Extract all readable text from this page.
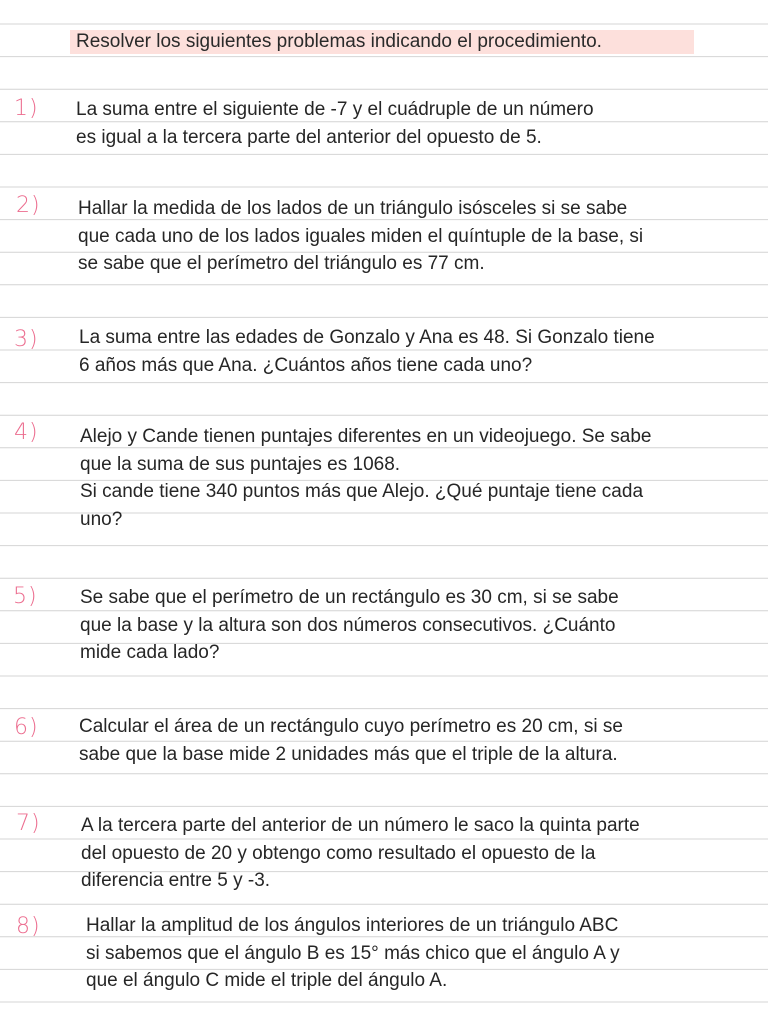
Resolver los siguientes problemas indicando el procedimiento.
1) La suma entre el siguiente de -7 y el cuádruple de un número
es igual a la tercera parte del anterior del opuesto de 5.
2) Hallar la medida de los lados de un triángulo isósceles si se sabe
que cada uno de los lados iguales miden el quíntuple de la base, si
se sabe que el perímetro del triángulo es 77 cm.
3) La suma entre las edades de Gonzalo y Ana es 48. Si Gonzalo tiene
6 años más que Ana. ¿Cuántos años tiene cada uno?
4) Alejo y Cande tienen puntajes diferentes en un videojuego. Se sabe
que la suma de sus puntajes es 1068.
Si cande tiene 340 puntos más que Alejo. ¿Qué puntaje tiene cada
uno?
5) Se sabe que el perímetro de un rectángulo es 30 cm, si se sabe
que la base y la altura son dos números consecutivos. ¿Cuánto
mide cada lado?
6) Calcular el área de un rectángulo cuyo perímetro es 20 cm, si se
sabe que la base mide 2 unidades más que el triple de la altura.
7) A la tercera parte del anterior de un número le saco la quinta parte
del opuesto de 20 y obtengo como resultado el opuesto de la
diferencia entre 5 y -3.
8) Hallar la amplitud de los ángulos interiores de un triángulo ABC
si sabemos que el ángulo B es 15° más chico que el ángulo A y
que el ángulo C mide el triple del ángulo A.
